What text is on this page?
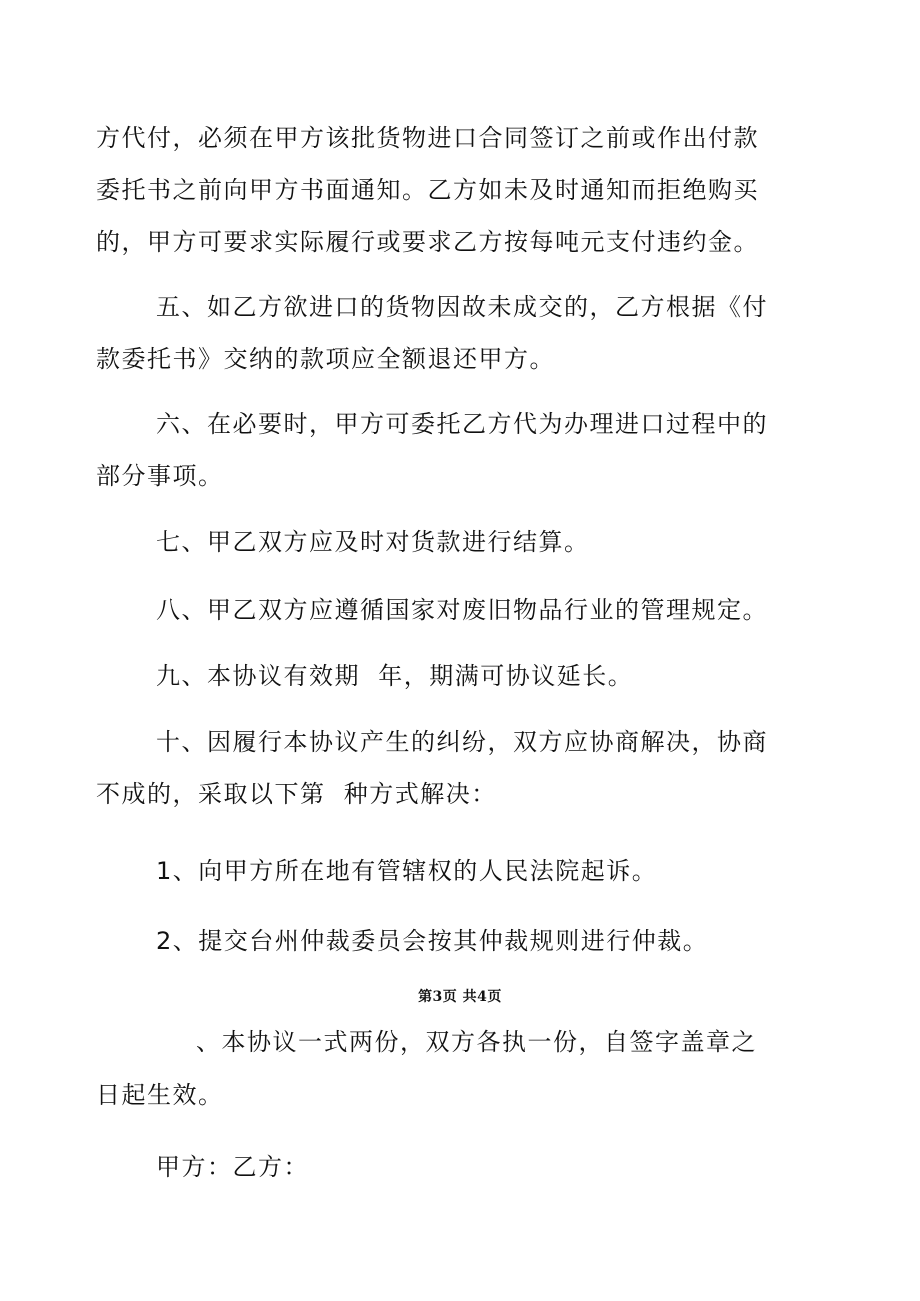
方代付，必须在甲方该批货物进口合同签订之前或作出付款
委托书之前向甲方书面通知。乙方如未及时通知而拒绝购买
的，甲方可要求实际履行或要求乙方按每吨元支付违约金。
五、如乙方欲进口的货物因故未成交的，乙方根据《付
款委托书》交纳的款项应全额退还甲方。
六、在必要时，甲方可委托乙方代为办理进口过程中的
部分事项。
七、甲乙双方应及时对货款进行结算。
八、甲乙双方应遵循国家对废旧物品行业的管理规定。
九、本协议有效期  年，期满可协议延长。
十、因履行本协议产生的纠纷，双方应协商解决，协商
不成的，采取以下第  种方式解决：
1、向甲方所在地有管辖权的人民法院起诉。
2、提交台州仲裁委员会按其仲裁规则进行仲裁。
第3页 共4页
、本协议一式两份，双方各执一份，自签字盖章之
日起生效。
甲方：乙方：
